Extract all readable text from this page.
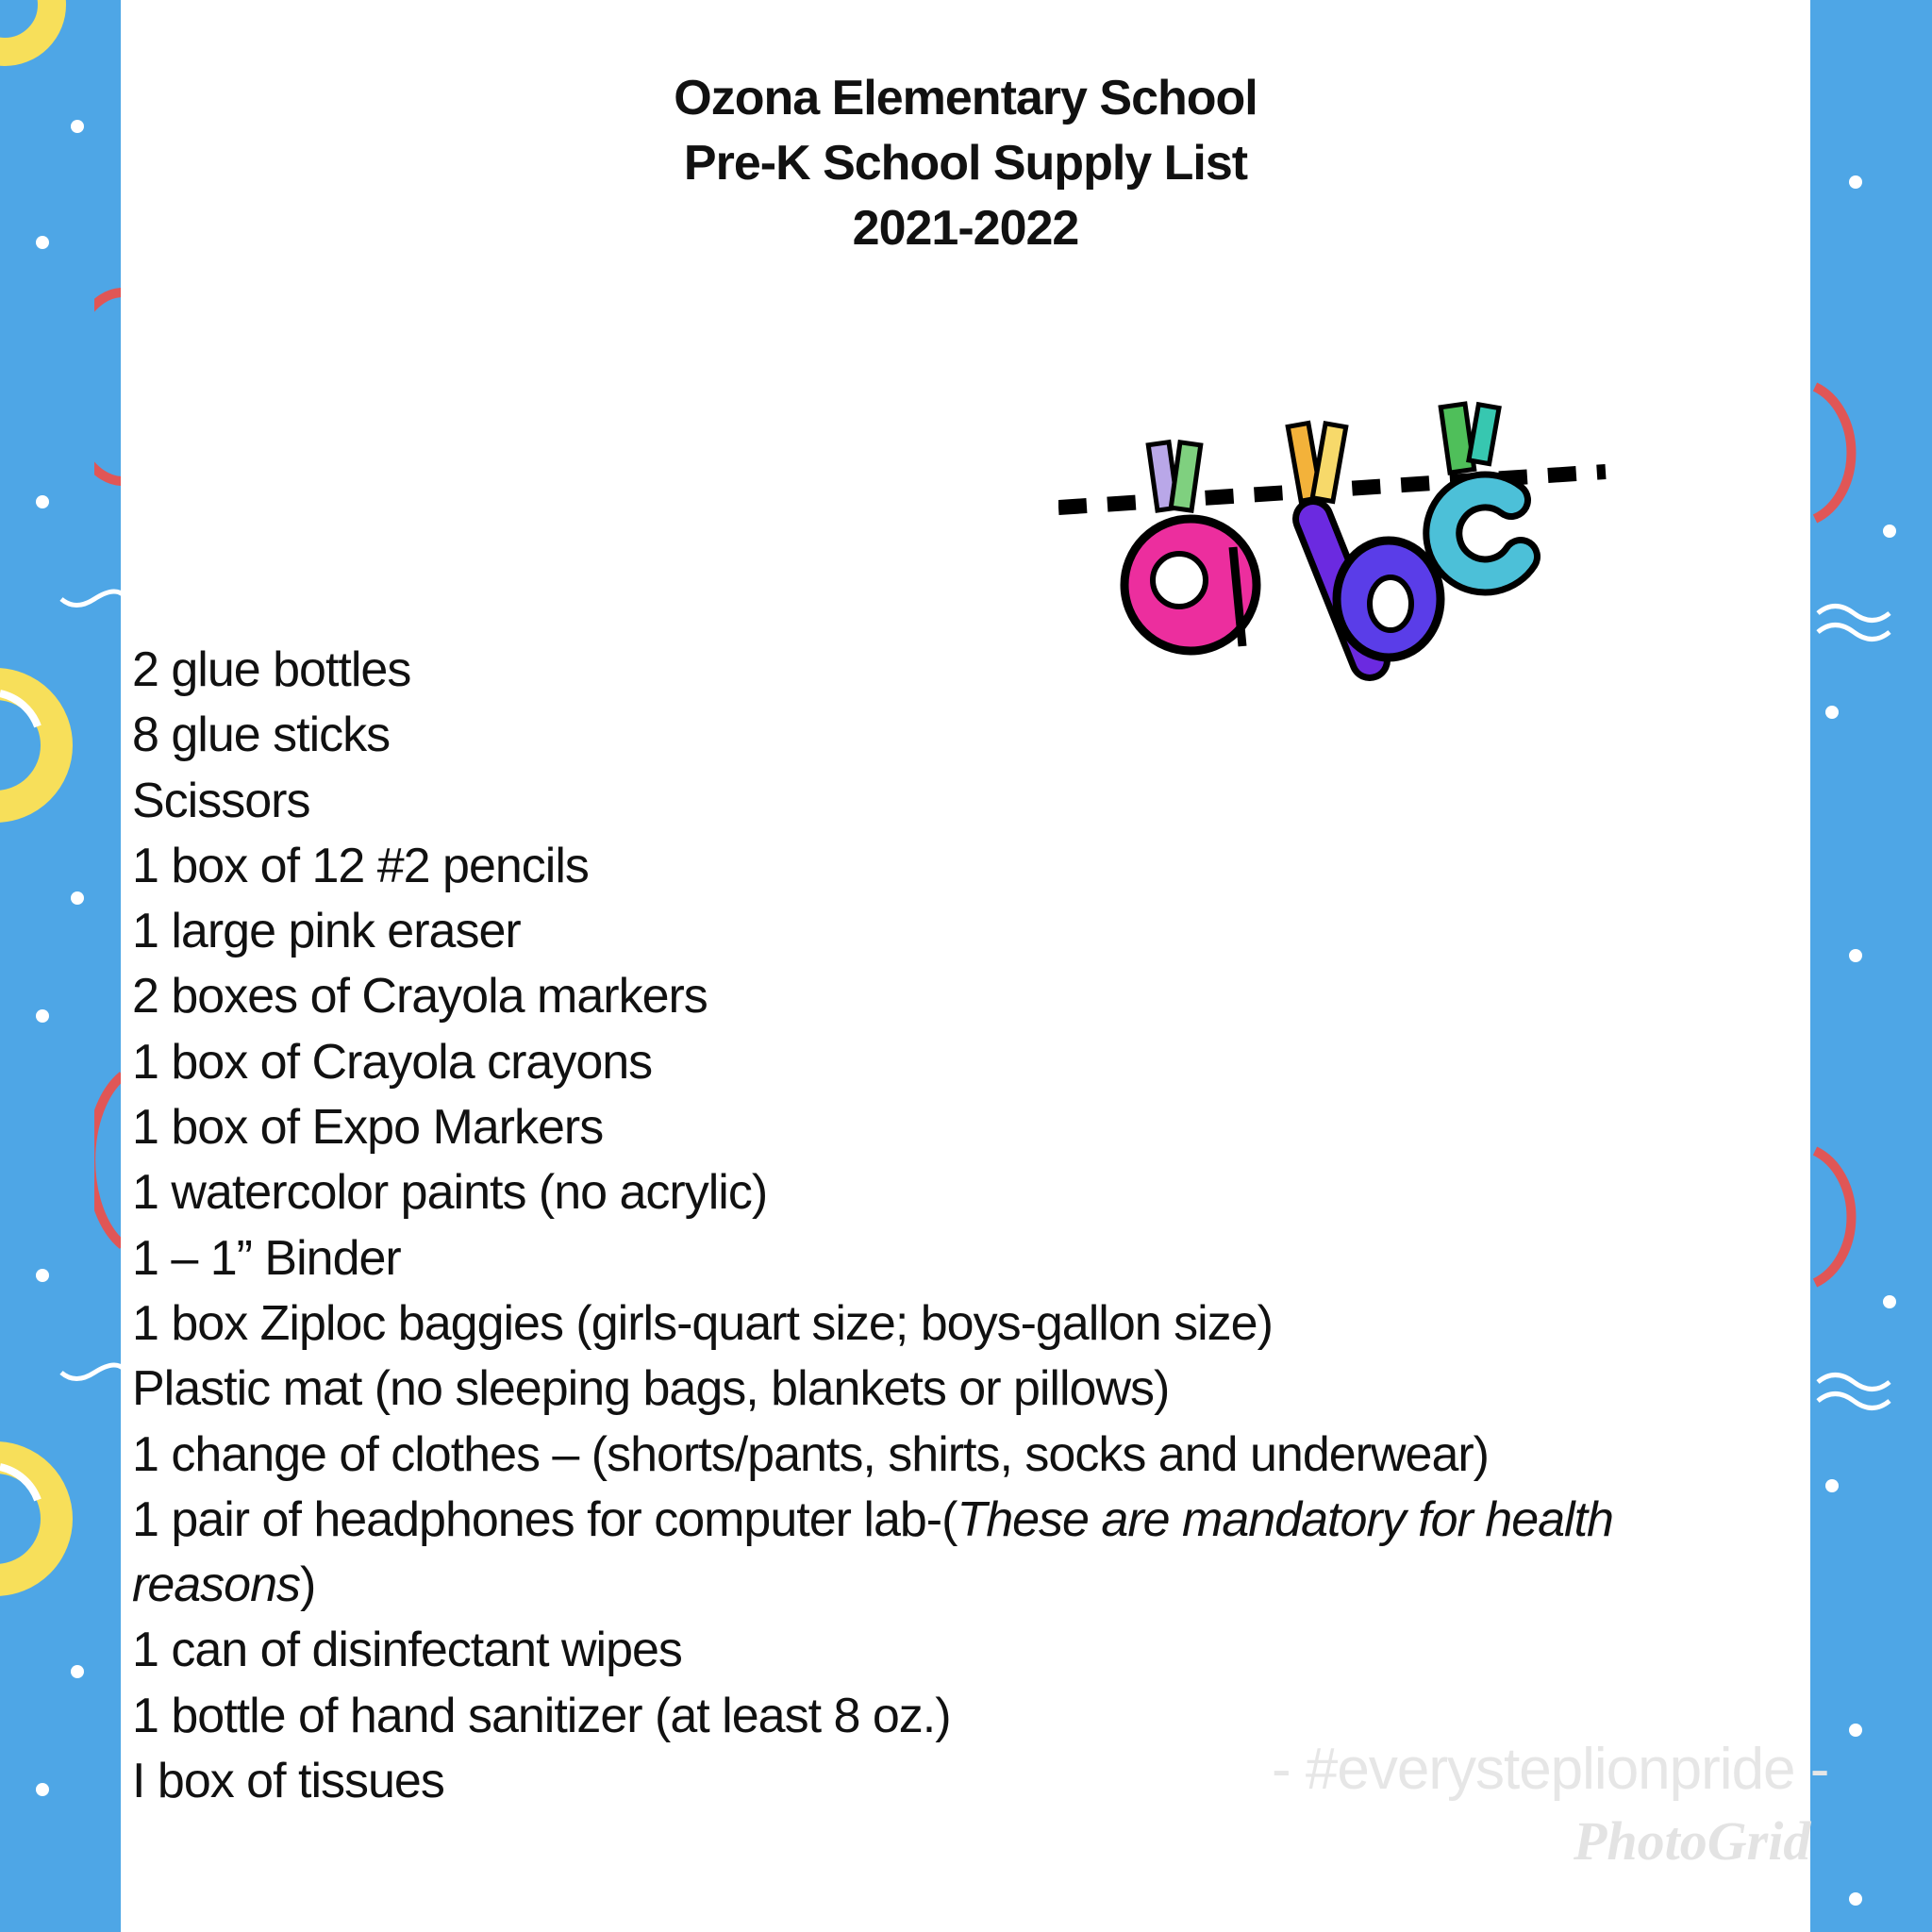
Ozona Elementary School
Pre-K School Supply List
2021-2022
2 glue bottles
8 glue sticks
Scissors
1 box of 12 #2 pencils
1 large pink eraser
2 boxes of Crayola markers
1 box of Crayola crayons
1 box of Expo Markers
1 watercolor paints (no acrylic)
1 – 1” Binder
1 box Ziploc baggies (girls-quart size; boys-gallon size)
Plastic mat (no sleeping bags, blankets or pillows)
1 change of clothes – (shorts/pants, shirts, socks and underwear)
1 pair of headphones for computer lab-(These are mandatory for health reasons)
1 can of disinfectant wipes
1 bottle of hand sanitizer (at least 8 oz.)
I box of tissues	- #everysteplionpride -
PhotoGrid
